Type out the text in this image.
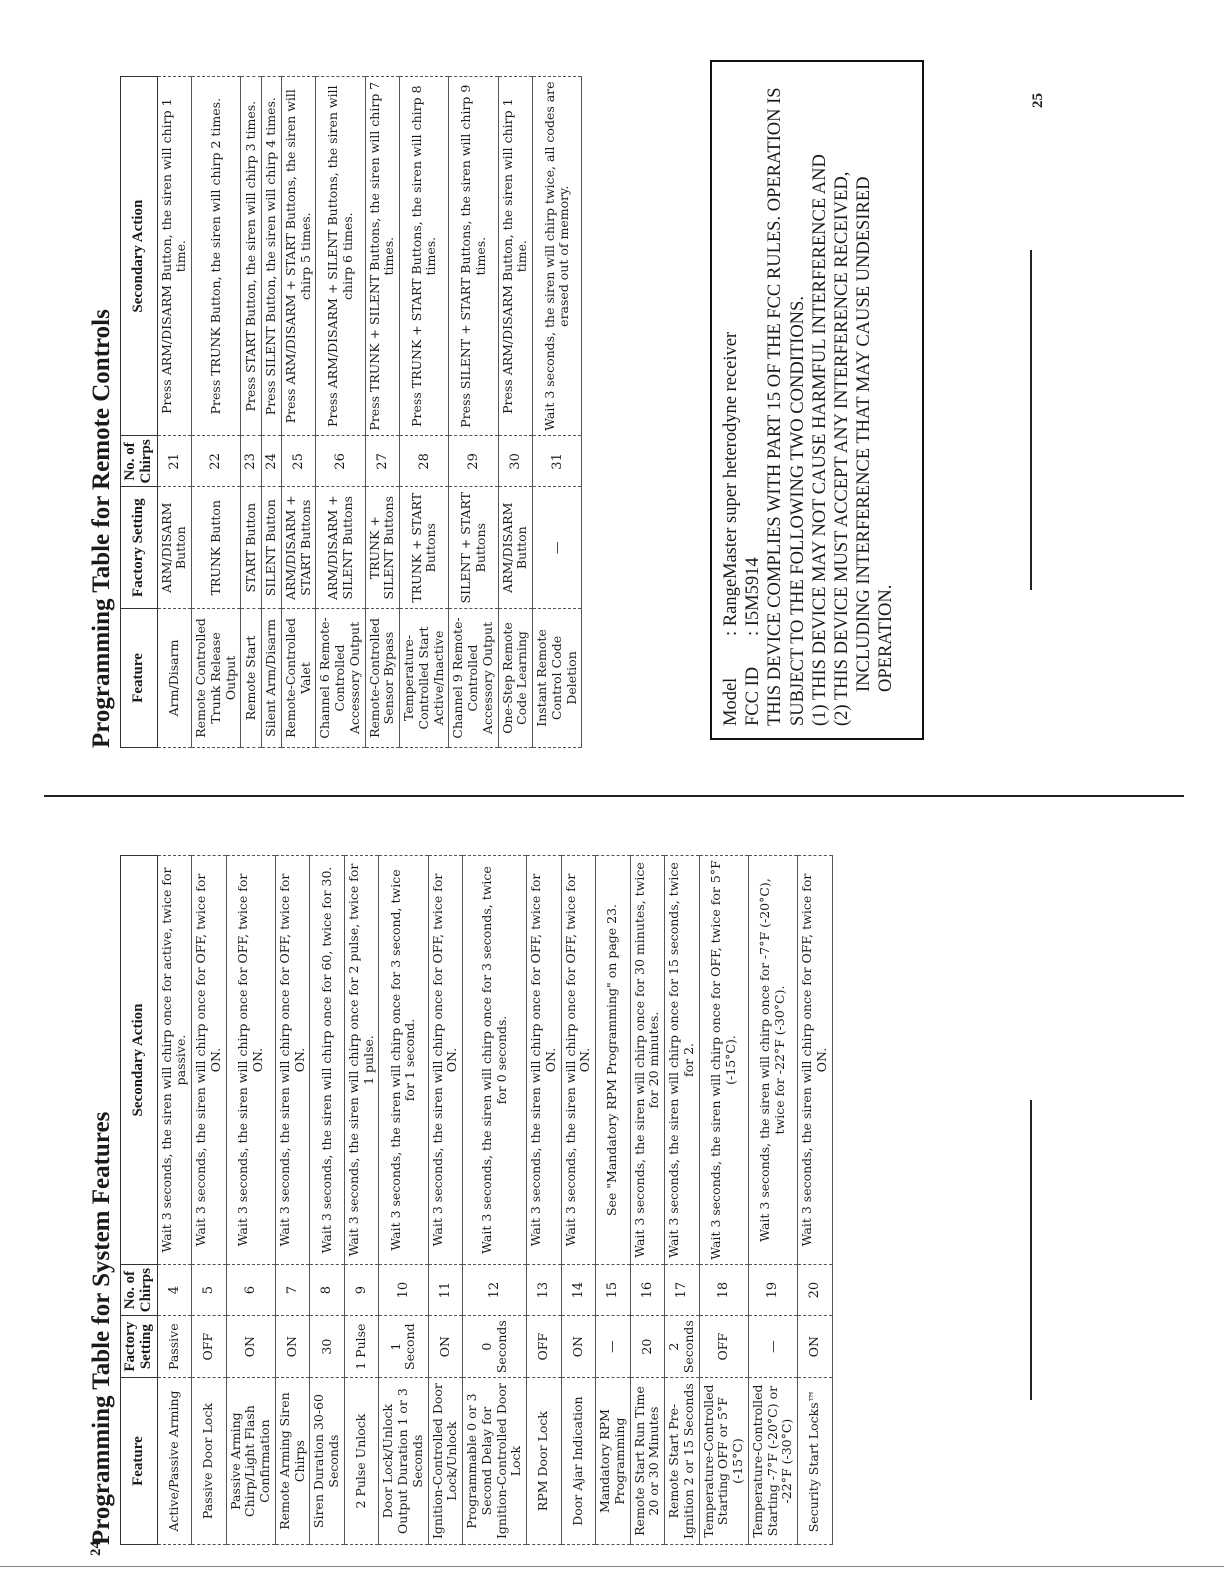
Programming Table for System Features Feature	Factory Setting	No. of Chirps	Secondary Action
Active/Passive Arming	Passive	4	Wait 3 seconds, the siren will chirp once for active, twice for passive.
Passive Door Lock	OFF	5	Wait 3 seconds, the siren will chirp once for OFF, twice for ON.
Passive Arming Chirp/Light Flash Confirmation	ON	6	Wait 3 seconds, the siren will chirp once for OFF, twice for ON.
Remote Arming Siren Chirps	ON	7	Wait 3 seconds, the siren will chirp once for OFF, twice for ON.
Siren Duration 30-60 Seconds	30	8	Wait 3 seconds, the siren will chirp once for 60, twice for 30.
2 Pulse Unlock	1 Pulse	9	Wait 3 seconds, the siren will chirp once for 2 pulse, twice for 1 pulse.
Door Lock/Unlock Output Duration 1 or 3 Seconds	1 Second	10	Wait 3 seconds, the siren will chirp once for 3 second, twice for 1 second.
Ignition-Controlled Door Lock/Unlock	ON	11	Wait 3 seconds, the siren will chirp once for OFF, twice for ON.
Programmable 0 or 3 Second Delay for Ignition-Controlled Door Lock	0 Seconds	12	Wait 3 seconds, the siren will chirp once for 3 seconds, twice for 0 seconds.
RPM Door Lock	OFF	13	Wait 3 seconds, the siren will chirp once for OFF, twice for ON.
Door Ajar Indication	ON	14	Wait 3 seconds, the siren will chirp once for OFF, twice for ON.
Mandatory RPM Programming	—	15	See "Mandatory RPM Programming" on page 23.
Remote Start Run Time 20 or 30 Minutes	20	16	Wait 3 seconds, the siren will chirp once for 30 minutes, twice for 20 minutes.
Remote Start Pre-Ignition 2 or 15 Seconds	2 Seconds	17	Wait 3 seconds, the siren will chirp once for 15 seconds, twice for 2.
Temperature-Controlled Starting OFF or 5°F (-15°C)	OFF	18	Wait 3 seconds, the siren will chirp once for OFF, twice for 5°F (-15°C).
Temperature-Controlled Starting -7°F (-20°C) or -22°F (-30°C)	—	19	Wait 3 seconds, the siren will chirp once for -7°F (-20°C), twice for -22°F (-30°C).
Security Start Locks™	ON	20	Wait 3 seconds, the siren will chirp once for OFF, twice for ON.
Programming Table for Remote Controls Feature	Factory Setting	No. of Chirps	Secondary Action
Arm/Disarm	ARM/DISARM Button	21	Press ARM/DISARM Button, the siren will chirp 1 time.
Remote Controlled Trunk Release Output	TRUNK Button	22	Press TRUNK Button, the siren will chirp 2 times.
Remote Start	START Button	23	Press START Button, the siren will chirp 3 times.
Silent Arm/Disarm	SILENT Button	24	Press SILENT Button, the siren will chirp 4 times.
Remote-Controlled Valet	ARM/DISARM + START Buttons	25	Press ARM/DISARM + START Buttons, the siren will chirp 5 times.
Channel 6 Remote-Controlled Accessory Output	ARM/DISARM + SILENT Buttons	26	Press ARM/DISARM + SILENT Buttons, the siren will chirp 6 times.
Remote-Controlled Sensor Bypass	TRUNK + SILENT Buttons	27	Press TRUNK + SILENT Buttons, the siren will chirp 7 times.
Temperature-Controlled Start Active/Inactive	TRUNK + START Buttons	28	Press TRUNK + START Buttons, the siren will chirp 8 times.
Channel 9 Remote-Controlled Accessory Output	SILENT + START Buttons	29	Press SILENT + START Buttons, the siren will chirp 9 times.
One-Step Remote Code Learning	ARM/DISARM Button	30	Press ARM/DISARM Button, the siren will chirp 1 time.
Instant Remote Control Code Deletion	—	31	Wait 3 seconds, the siren will chirp twice, all codes are erased out of memory.
Model: RangeMaster super heterodyne receiver
FCC ID: I5M5914 THIS DEVICE COMPLIES WITH PART 15 OF THE FCC RULES. OPERATION IS SUBJECT TO THE FOLLOWING TWO CONDITIONS. (1) THIS DEVICE MAY NOT CAUSE HARMFUL INTERFERENCE AND (2) THIS DEVICE MUST ACCEPT ANY INTERFERENCE RECEIVED, INCLUDING INTERFERENCE THAT MAY CAUSE UNDESIRED OPERATION.
24
25
